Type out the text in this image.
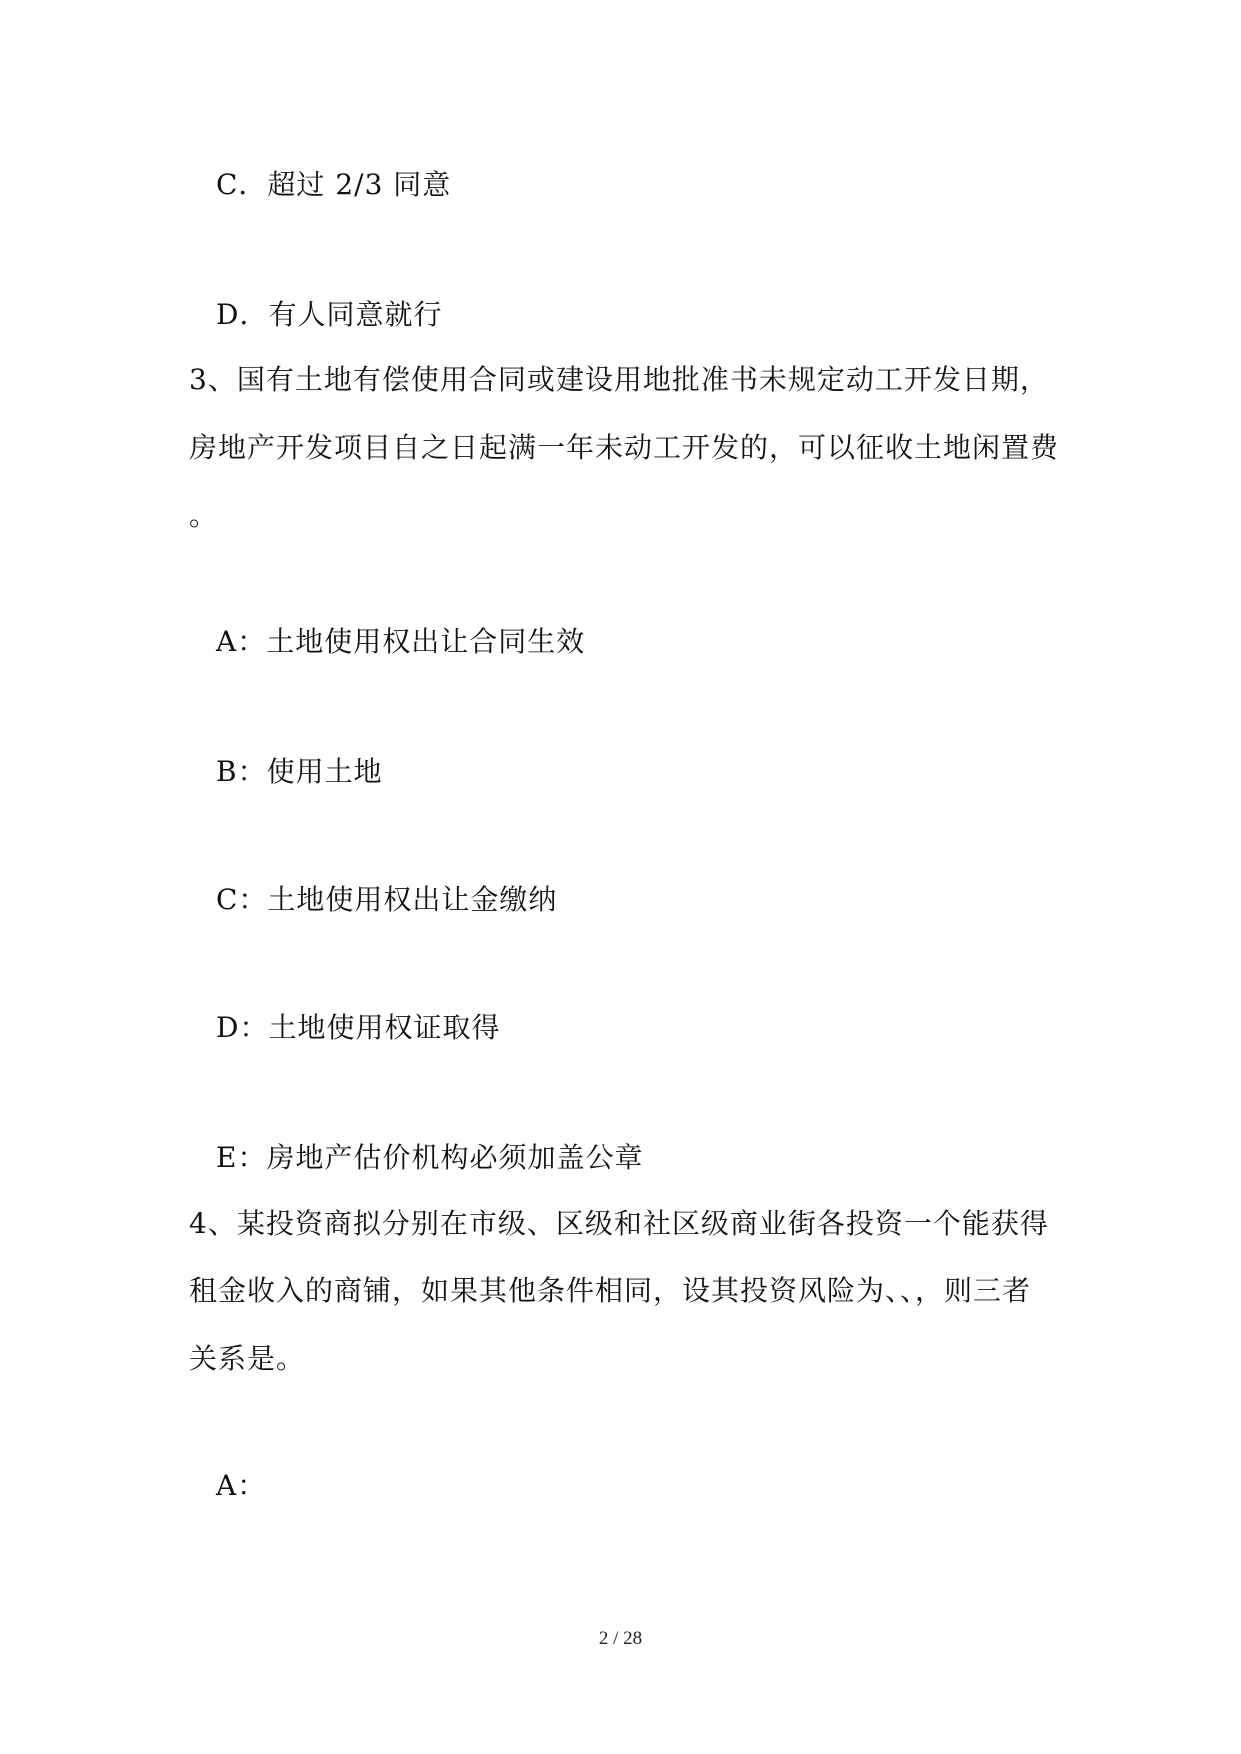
C．超过 2/3 同意
D．有人同意就行
3、国有土地有偿使用合同或建设用地批准书未规定动工开发日期，
房地产开发项目自之日起满一年未动工开发的，可以征收土地闲置费
。
A：土地使用权出让合同生效
B：使用土地
C：土地使用权出让金缴纳
D：土地使用权证取得
E：房地产估价机构必须加盖公章
4、某投资商拟分别在市级、区级和社区级商业街各投资一个能获得
租金收入的商铺，如果其他条件相同，设其投资风险为、、，则三者
关系是。
A：
2 / 28
